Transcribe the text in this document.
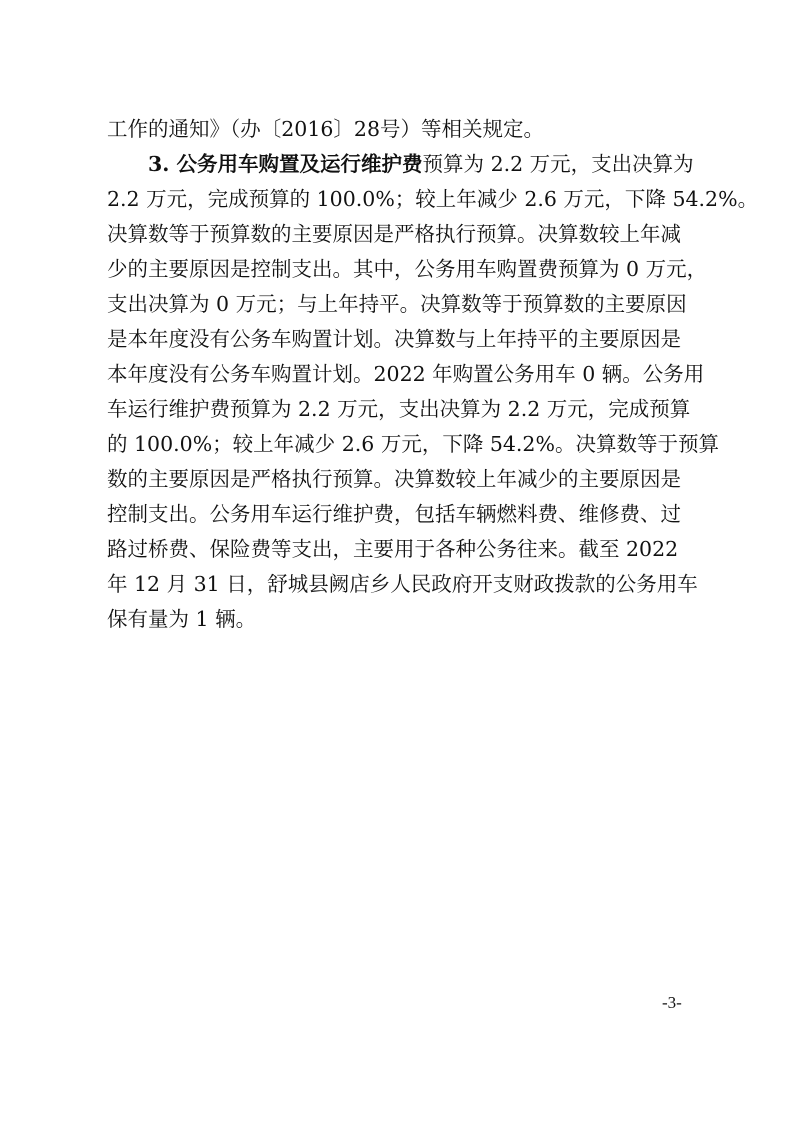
工作的通知》（办〔2016〕28号）等相关规定。
3. 公务用车购置及运行维护费预算为 2.2 万元，支出决算为
2.2 万元，完成预算的 100.0%；较上年减少 2.6 万元，下降 54.2%。
决算数等于预算数的主要原因是严格执行预算。决算数较上年减
少的主要原因是控制支出。其中，公务用车购置费预算为 0 万元，
支出决算为 0 万元；与上年持平。决算数等于预算数的主要原因
是本年度没有公务车购置计划。决算数与上年持平的主要原因是
本年度没有公务车购置计划。2022 年购置公务用车 0 辆。公务用
车运行维护费预算为 2.2 万元，支出决算为 2.2 万元，完成预算
的 100.0%；较上年减少 2.6 万元，下降 54.2%。决算数等于预算
数的主要原因是严格执行预算。决算数较上年减少的主要原因是
控制支出。公务用车运行维护费，包括车辆燃料费、维修费、过
路过桥费、保险费等支出，主要用于各种公务往来。截至 2022
年 12 月 31 日，舒城县阙店乡人民政府开支财政拨款的公务用车
保有量为 1 辆。
-3-
